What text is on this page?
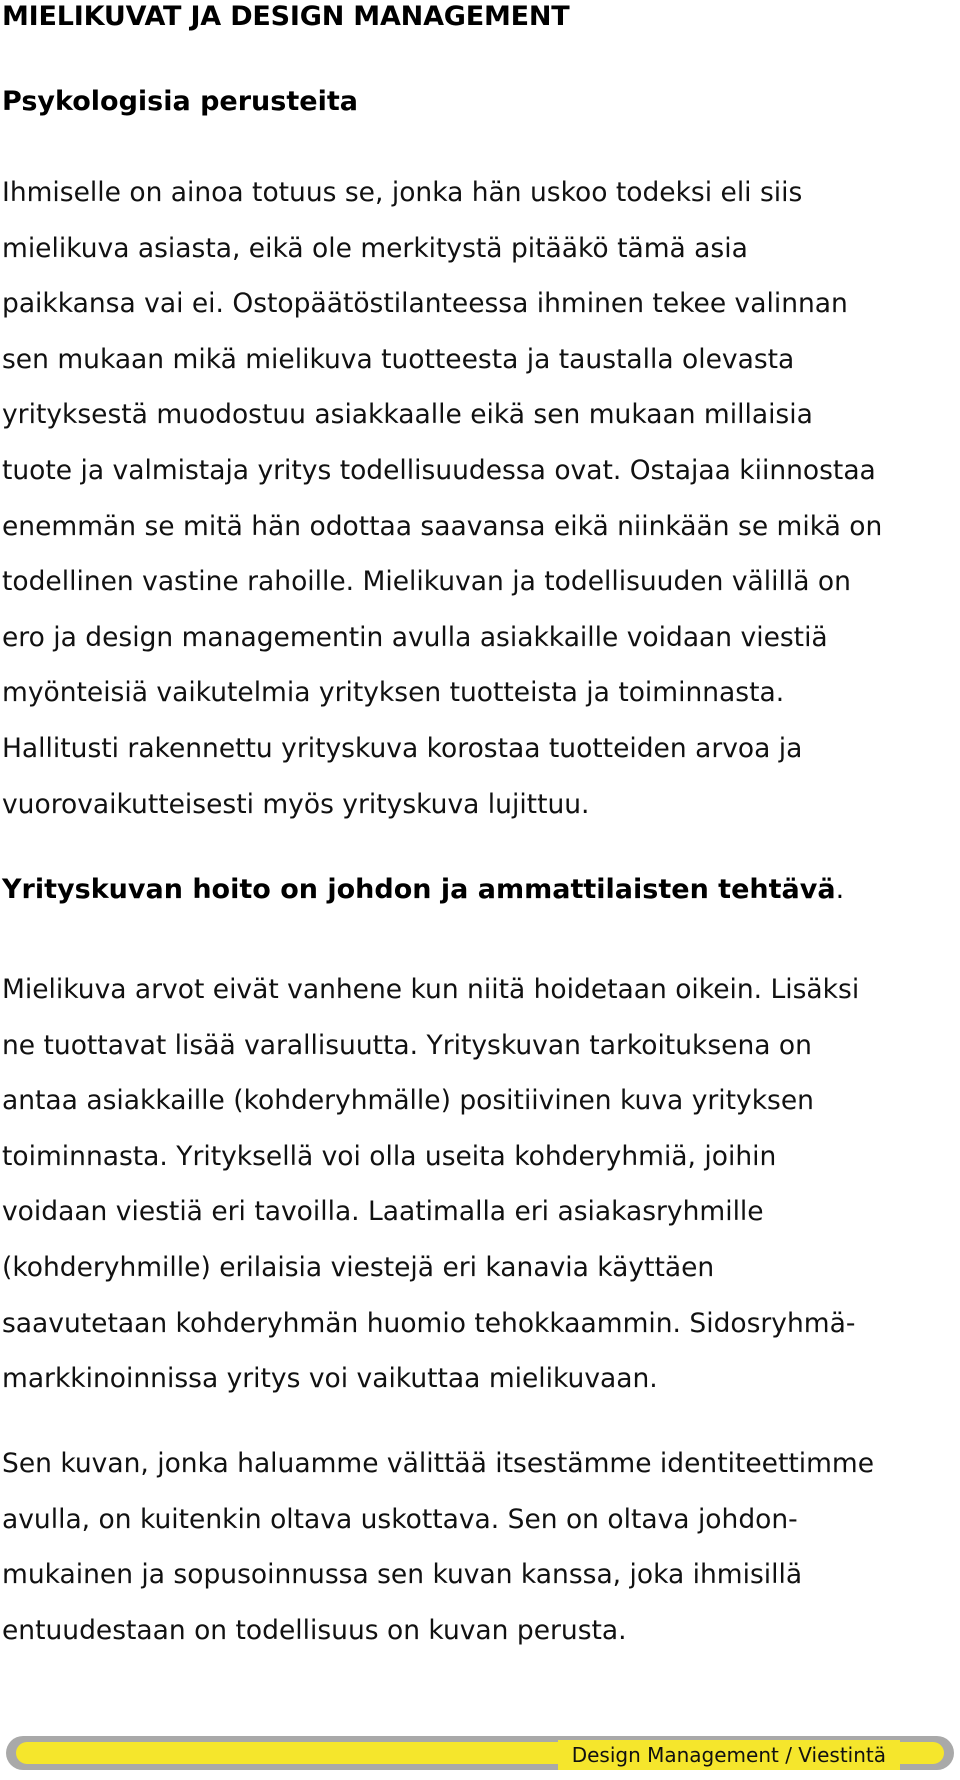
MIELIKUVAT JA DESIGN MANAGEMENT
Psykologisia perusteita

Ihmiselle on ainoa totuus se, jonka hän uskoo todeksi eli siis
mielikuva asiasta, eikä ole merkitystä pitääkö tämä asia
paikkansa vai ei. Ostopäätöstilanteessa ihminen tekee valinnan
sen mukaan mikä mielikuva tuotteesta ja taustalla olevasta
yrityksestä muodostuu asiakkaalle eikä sen mukaan millaisia
tuote ja valmistaja yritys todellisuudessa ovat. Ostajaa kiinnostaa
enemmän se mitä hän odottaa saavansa eikä niinkään se mikä on
todellinen vastine rahoille. Mielikuvan ja todellisuuden välillä on
ero ja design managementin avulla asiakkaille voidaan viestiä
myönteisiä vaikutelmia yrityksen tuotteista ja toiminnasta.
Hallitusti rakennettu yrityskuva korostaa tuotteiden arvoa ja
vuorovaikutteisesti myös yrityskuva lujittuu.

Yrityskuvan hoito on johdon ja ammattilaisten tehtävä.

Mielikuva arvot eivät vanhene kun niitä hoidetaan oikein. Lisäksi
ne tuottavat lisää varallisuutta. Yrityskuvan tarkoituksena on
antaa asiakkaille (kohderyhmälle) positiivinen kuva yrityksen
toiminnasta. Yrityksellä voi olla useita kohderyhmiä, joihin
voidaan viestiä eri tavoilla. Laatimalla eri asiakasryhmille
(kohderyhmille) erilaisia viestejä eri kanavia käyttäen
saavutetaan kohderyhmän huomio tehokkaammin. Sidosryhmä-
markkinoinnissa yritys voi vaikuttaa mielikuvaan.

Sen kuvan, jonka haluamme välittää itsestämme identiteettimme
avulla, on kuitenkin oltava uskottava. Sen on oltava johdon-
mukainen ja sopusoinnussa sen kuvan kanssa, joka ihmisillä
entuudestaan on todellisuus on kuvan perusta.

Design Management / Viestintä
